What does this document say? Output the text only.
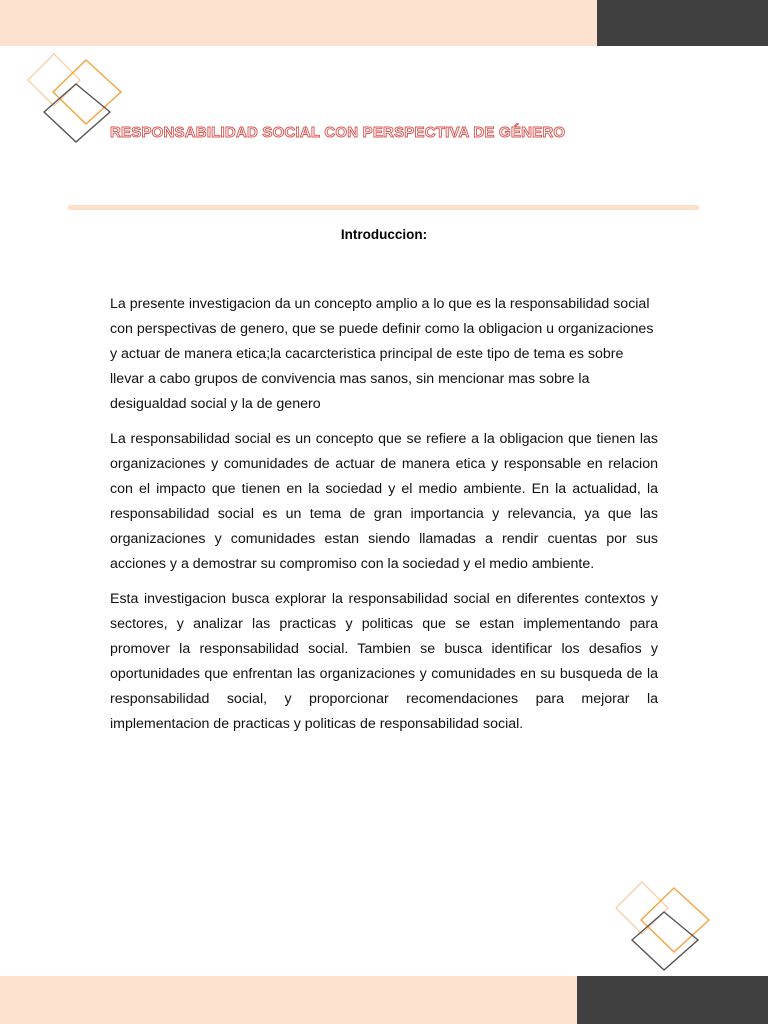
RESPONSABILIDAD SOCIAL CON PERSPECTIVA DE GÉNERO
Introduccion:

La presente investigacion da un concepto amplio a lo que es la responsabilidad social con perspectivas de genero, que se puede definir como la obligacion u organizaciones y actuar de manera etica;la cacarcteristica principal de este tipo de tema es sobre llevar a cabo grupos de convivencia mas sanos, sin mencionar mas sobre la desigualdad social y la de genero

La responsabilidad social es un concepto que se refiere a la obligacion que tienen las organizaciones y comunidades de actuar de manera etica y responsable en relacion con el impacto que tienen en la sociedad y el medio ambiente. En la actualidad, la responsabilidad social es un tema de gran importancia y relevancia, ya que las organizaciones y comunidades estan siendo llamadas a rendir cuentas por sus acciones y a demostrar su compromiso con la sociedad y el medio ambiente.

Esta investigacion busca explorar la responsabilidad social en diferentes contextos y sectores, y analizar las practicas y politicas que se estan implementando para promover la responsabilidad social. Tambien se busca identificar los desafios y oportunidades que enfrentan las organizaciones y comunidades en su busqueda de la responsabilidad social, y proporcionar recomendaciones para mejorar la implementacion de practicas y politicas de responsabilidad social.
